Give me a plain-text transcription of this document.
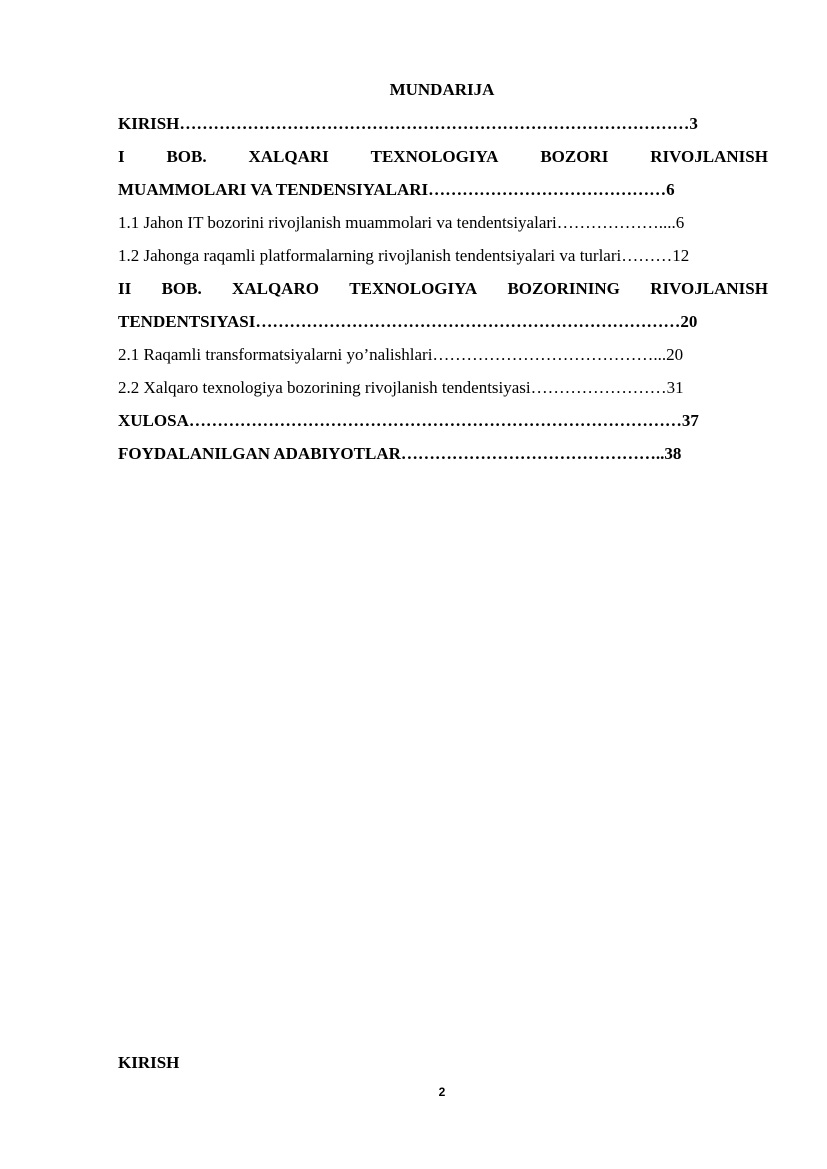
MUNDARIJA
KIRISH………………………………………………………………………………3
I BOB. XALQARI TEXNOLOGIYA BOZORI RIVOJLANISH
MUAMMOLARI VA TENDENSIYALARI……………………………………6
1.1 Jahon IT bozorini rivojlanish muammolari va tendentsiyalari………………....6
1.2 Jahonga raqamli platformalarning rivojlanish tendentsiyalari va turlari………12
II BOB. XALQARO TEXNOLOGIYA BOZORINING RIVOJLANISH
TENDENTSIYASI…………………………………………………………………20
2.1 Raqamli transformatsiyalarni yo’nalishlari…………………………………...20
2.2 Xalqaro texnologiya bozorining rivojlanish tendentsiyasi……………………31
XULOSA……………………………………………………………………………37
FOYDALANILGAN ADABIYOTLAR………………………………………..38
KIRISH
2
